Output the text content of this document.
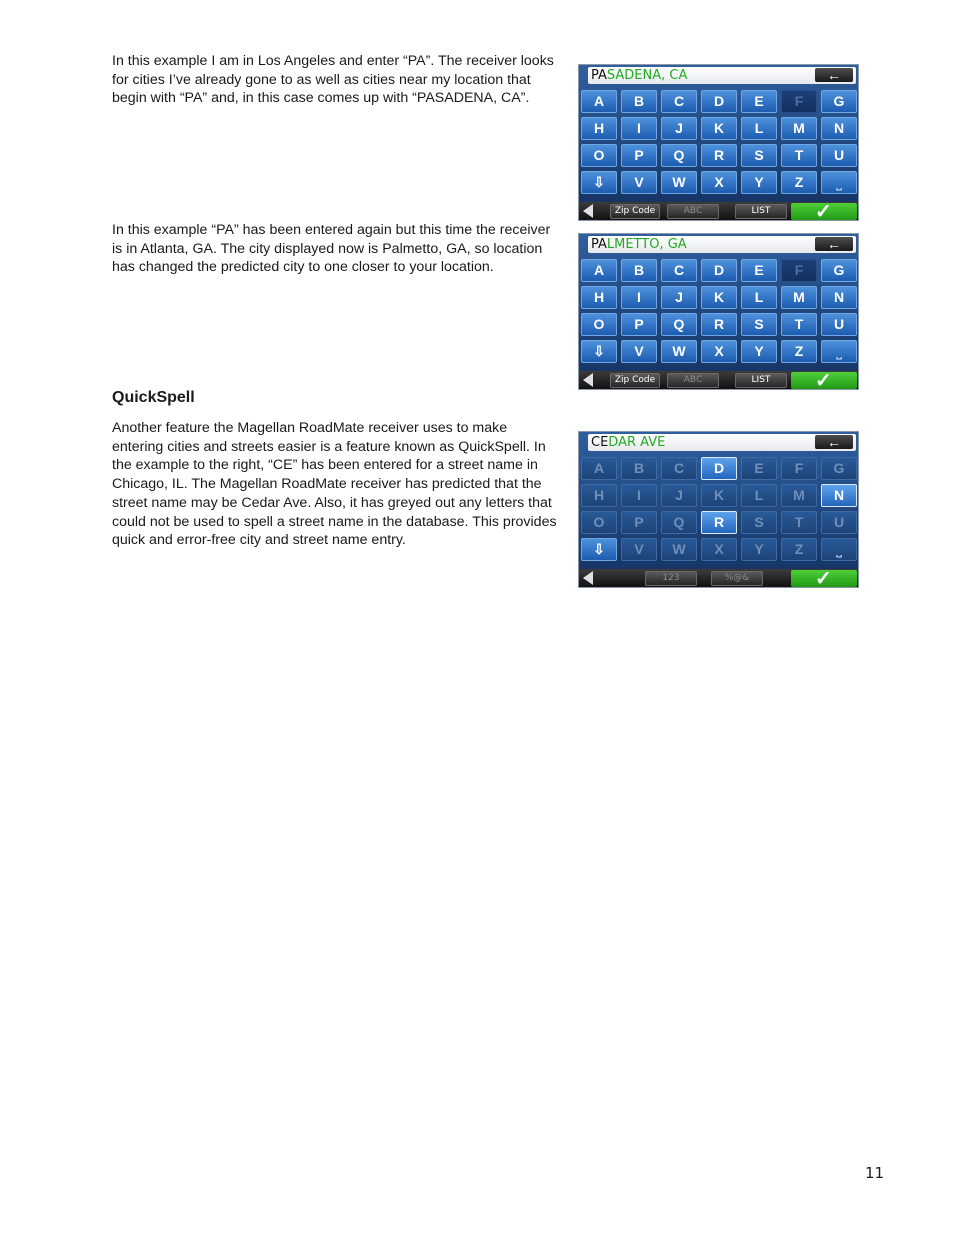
In this example I am in Los Angeles and enter “PA”. The receiver looks for cities I’ve already gone to as well as cities near my location that begin with “PA” and, in this case comes up with “PASADENA, CA”.

In this example “PA” has been entered again but this time the receiver is in Atlanta, GA. The city displayed now is Palmetto, GA, so location has changed the predicted city to one closer to your location.

QuickSpell

Another feature the Magellan RoadMate receiver uses to make entering cities and streets easier is a feature known as QuickSpell. In the example to the right, “CE” has been entered for a street name in Chicago, IL. The Magellan RoadMate receiver has predicted that the street name may be Cedar Ave. Also, it has greyed out any letters that could not be used to spell a street name in the database. This provides quick and error-free city and street name entry.

PASADENA, CA	←
A	B	C	D	E	F	G
H	I	J	K	L	M	N
O	P	Q	R	S	T	U
⇩	V	W	X	Y	Z	⎵
Zip Code	ABC	LIST	✓
PALMETTO, GA	←
A	B	C	D	E	F	G
H	I	J	K	L	M	N
O	P	Q	R	S	T	U
⇩	V	W	X	Y	Z	⎵
Zip Code	ABC	LIST	✓
CEDAR AVE	←
A	B	C	D	E	F	G
H	I	J	K	L	M	N
O	P	Q	R	S	T	U
⇩	V	W	X	Y	Z	⎵
123	%@&	✓
11
